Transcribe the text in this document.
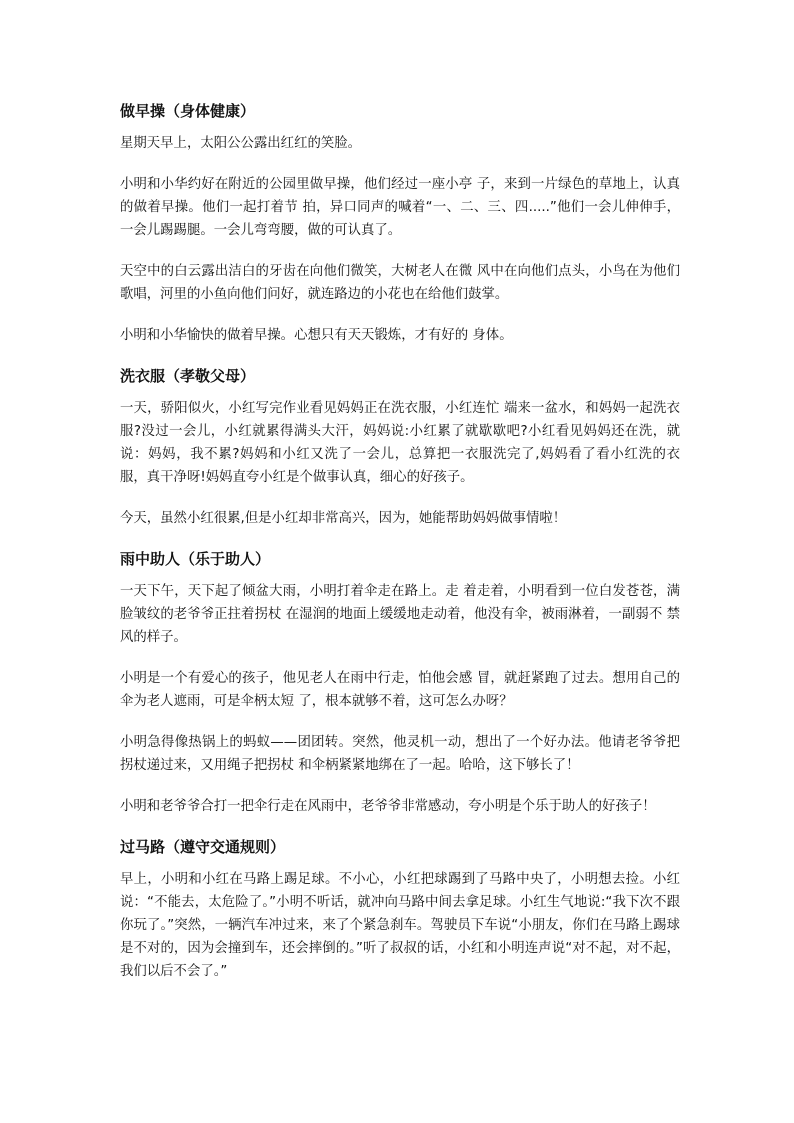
做早操（身体健康）

星期天早上，太阳公公露出红红的笑脸。

小明和小华约好在附近的公园里做早操，他们经过一座小亭 子，来到一片绿色的草地上，认真的做着早操。他们一起打着节 拍，异口同声的喊着“一、二、三、四.....”他们一会儿伸伸手，一会儿踢踢腿。一会儿弯弯腰，做的可认真了。

天空中的白云露出洁白的牙齿在向他们微笑，大树老人在微 风中在向他们点头，小鸟在为他们歌唱，河里的小鱼向他们问好，就连路边的小花也在给他们鼓掌。

小明和小华愉快的做着早操。心想只有天天锻炼，才有好的 身体。

洗衣服（孝敬父母）

一天，骄阳似火，小红写完作业看见妈妈正在洗衣服，小红连忙 端来一盆水，和妈妈一起洗衣服?没过一会儿，小红就累得满头大汗，妈妈说:小红累了就歇歇吧?小红看见妈妈还在洗，就说：妈妈，我不累?妈妈和小红又洗了一会儿，总算把一衣服洗完了,妈妈看了看小红洗的衣服，真干净呀!妈妈直夸小红是个做事认真，细心的好孩子。

今天，虽然小红很累,但是小红却非常高兴，因为，她能帮助妈妈做事情啦！

雨中助人（乐于助人）

一天下午，天下起了倾盆大雨，小明打着伞走在路上。走 着走着，小明看到一位白发苍苍，满脸皱纹的老爷爷正拄着拐杖 在湿润的地面上缓缓地走动着，他没有伞，被雨淋着，一副弱不 禁风的样子。

小明是一个有爱心的孩子，他见老人在雨中行走，怕他会感 冒，就赶紧跑了过去。想用自己的伞为老人遮雨，可是伞柄太短 了，根本就够不着，这可怎么办呀？

小明急得像热锅上的蚂蚁——团团转。突然，他灵机一动，想出了一个好办法。他请老爷爷把拐杖递过来，又用绳子把拐杖 和伞柄紧紧地绑在了一起。哈哈，这下够长了！

小明和老爷爷合打一把伞行走在风雨中，老爷爷非常感动，夸小明是个乐于助人的好孩子！

过马路（遵守交通规则）

早上，小明和小红在马路上踢足球。不小心，小红把球踢到了马路中央了，小明想去捡。小红说：“不能去，太危险了。”小明不听话，就冲向马路中间去拿足球。小红生气地说:“我下次不跟你玩了。”突然，一辆汽车冲过来，来了个紧急刹车。驾驶员下车说“小朋友，你们在马路上踢球是不对的，因为会撞到车，还会摔倒的。”听了叔叔的话，小红和小明连声说“对不起，对不起，我们以后不会了。”
